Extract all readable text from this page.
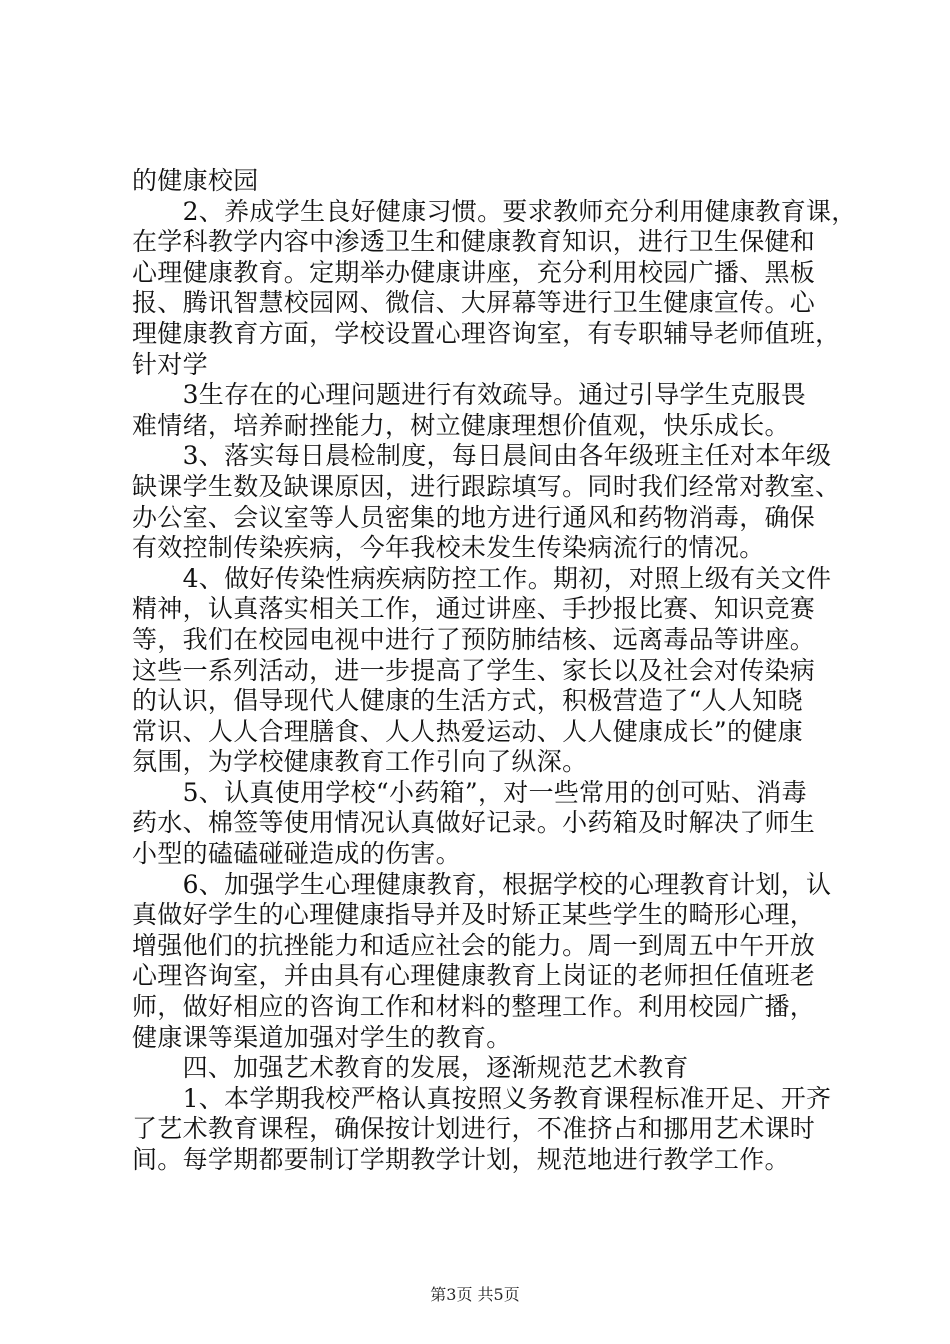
的健康校园
　　2、养成学生良好健康习惯。要求教师充分利用健康教育课，
在学科教学内容中渗透卫生和健康教育知识，进行卫生保健和
心理健康教育。定期举办健康讲座，充分利用校园广播、黑板
报、腾讯智慧校园网、微信、大屏幕等进行卫生健康宣传。心
理健康教育方面，学校设置心理咨询室，有专职辅导老师值班，
针对学
　　3生存在的心理问题进行有效疏导。通过引导学生克服畏
难情绪，培养耐挫能力，树立健康理想价值观，快乐成长。
　　3、落实每日晨检制度，每日晨间由各年级班主任对本年级
缺课学生数及缺课原因，进行跟踪填写。同时我们经常对教室、
办公室、会议室等人员密集的地方进行通风和药物消毒，确保
有效控制传染疾病，今年我校未发生传染病流行的情况。
　　4、做好传染性病疾病防控工作。期初，对照上级有关文件
精神，认真落实相关工作，通过讲座、手抄报比赛、知识竞赛
等，我们在校园电视中进行了预防肺结核、远离毒品等讲座。
这些一系列活动，进一步提高了学生、家长以及社会对传染病
的认识，倡导现代人健康的生活方式，积极营造了“人人知晓
常识、人人合理膳食、人人热爱运动、人人健康成长”的健康
氛围，为学校健康教育工作引向了纵深。
　　5、认真使用学校“小药箱”，对一些常用的创可贴、消毒
药水、棉签等使用情况认真做好记录。小药箱及时解决了师生
小型的磕磕碰碰造成的伤害。
　　6、加强学生心理健康教育，根据学校的心理教育计划，认
真做好学生的心理健康指导并及时矫正某些学生的畸形心理，
增强他们的抗挫能力和适应社会的能力。周一到周五中午开放
心理咨询室，并由具有心理健康教育上岗证的老师担任值班老
师，做好相应的咨询工作和材料的整理工作。利用校园广播，
健康课等渠道加强对学生的教育。
　　四、加强艺术教育的发展，逐渐规范艺术教育
　　1、本学期我校严格认真按照义务教育课程标准开足、开齐
了艺术教育课程，确保按计划进行，不准挤占和挪用艺术课时
间。每学期都要制订学期教学计划，规范地进行教学工作。
第3页 共5页
